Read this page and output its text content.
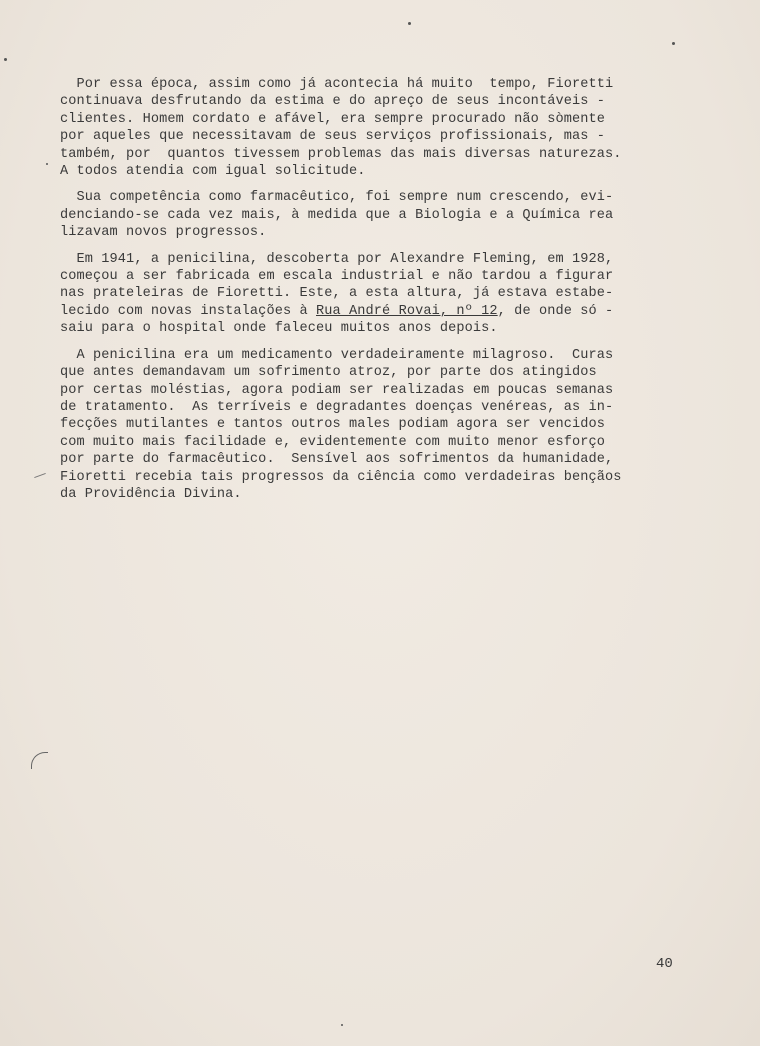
Por essa época, assim como já acontecia há muito  tempo, Fioretti
continuava desfrutando da estima e do apreço de seus incontáveis -
clientes. Homem cordato e afável, era sempre procurado não sòmente
por aqueles que necessitavam de seus serviços profissionais, mas -
também, por  quantos tivessem problemas das mais diversas naturezas.
A todos atendia com igual solicitude.
Sua competência como farmacêutico, foi sempre num crescendo, evi-
denciando-se cada vez mais, à medida que a Biologia e a Química rea
lizavam novos progressos.
Em 1941, a penicilina, descoberta por Alexandre Fleming, em 1928,
começou a ser fabricada em escala industrial e não tardou a figurar
nas prateleiras de Fioretti. Este, a esta altura, já estava estabe-
lecido com novas instalações à Rua André Rovai, nº 12, de onde só -
saiu para o hospital onde faleceu muitos anos depois.
A penicilina era um medicamento verdadeiramente milagroso.  Curas
que antes demandavam um sofrimento atroz, por parte dos atingidos
por certas moléstias, agora podiam ser realizadas em poucas semanas
de tratamento.  As terríveis e degradantes doenças venéreas, as in-
fecções mutilantes e tantos outros males podiam agora ser vencidos
com muito mais facilidade e, evidentemente com muito menor esforço
por parte do farmacêutico.  Sensível aos sofrimentos da humanidade,
Fioretti recebia tais progressos da ciência como verdadeiras bençãos
da Providência Divina.
40
